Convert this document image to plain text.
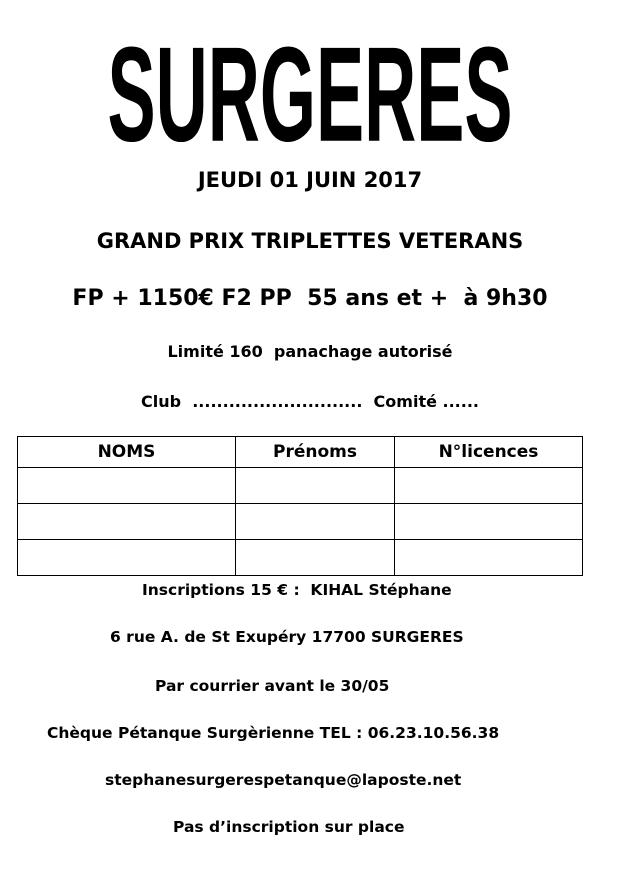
SURGERES
JEUDI 01 JUIN 2017
GRAND PRIX TRIPLETTES VETERANS
FP + 1150€ F2 PP  55 ans et +  à 9h30
Limité 160  panachage autorisé
Club  ............................  Comité ......
NOMS	Prénoms	N°licences

Inscriptions 15 € :  KIHAL Stéphane
6 rue A. de St Exupéry 17700 SURGERES
Par courrier avant le 30/05
Chèque Pétanque Surgèrienne TEL : 06.23.10.56.38
stephanesurgerespetanque@laposte.net
Pas d’inscription sur place
